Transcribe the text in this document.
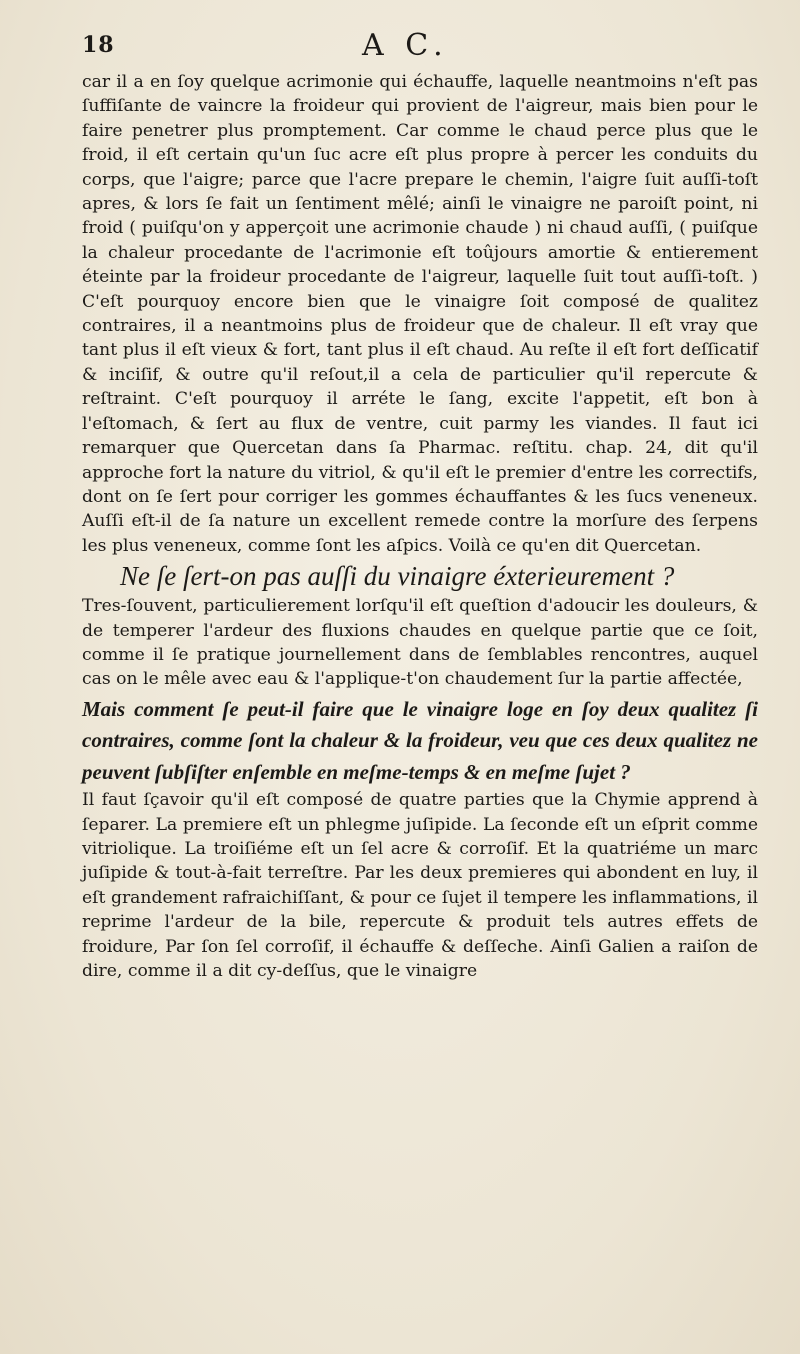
18	A C.

car il a en ſoy quelque acrimonie qui échauffe, laquelle neantmoins n'eſt pas ſuffiſante de vaincre la froideur qui provient de l'aigreur, mais bien pour le faire penetrer plus promptement. Car comme le chaud perce plus que le froid, il eſt certain qu'un ſuc acre eſt plus propre à percer les conduits du corps, que l'aigre; parce que l'acre prepare le chemin, l'aigre ſuit auſſi-toſt apres, & lors ſe fait un ſentiment mêlé; ainſi le vinaigre ne paroiſt point, ni froid ( puiſqu'on y apperçoit une acrimonie chaude ) ni chaud auſſi, ( puiſque la chaleur procedante de l'acrimonie eſt toûjours amortie & entierement éteinte par la froideur procedante de l'aigreur, laquelle ſuit tout auſſi-toſt. ) C'eſt pourquoy encore bien que le vinaigre ſoit composé de qualitez contraires, il a neantmoins plus de froideur que de chaleur. Il eſt vray que tant plus il eſt vieux & fort, tant plus il eſt chaud. Au reſte il eſt fort deſſicatif & inciſif, & outre qu'il reſout,il a cela de particulier qu'il repercute & reſtraint. C'eſt pourquoy il arréte le ſang, excite l'appetit, eſt bon à l'eſtomach, & ſert au flux de ventre, cuit parmy les viandes. Il faut ici remarquer que Quercetan dans ſa Pharmac. reſtitu. chap. 24, dit qu'il approche fort la nature du vitriol, & qu'il eſt le premier d'entre les correctifs, dont on ſe ſert pour corriger les gommes échauffantes & les ſucs veneneux. Auſſi eſt-il de ſa nature un excellent remede contre la morſure des ſerpens les plus veneneux, comme ſont les aſpics. Voilà ce qu'en dit Quercetan.

Ne ſe ſert-on pas auſſi du vinaigre éxterieurement ?

Tres-ſouvent, particulierement lorſqu'il eſt queſtion d'adoucir les douleurs, & de temperer l'ardeur des fluxions chaudes en quelque partie que ce ſoit, comme il ſe pratique journellement dans de ſemblables rencontres, auquel cas on le mêle avec eau & l'applique-t'on chaudement ſur la partie affectée,

Mais comment ſe peut-il faire que le vinaigre loge en ſoy deux qualitez ſi contraires, comme ſont la chaleur & la froideur, veu que ces deux qualitez ne peuvent ſubſiſter enſemble en meſme-temps & en meſme ſujet ?

Il faut ſçavoir qu'il eſt composé de quatre parties que la Chymie apprend à ſeparer. La premiere eſt un phlegme juſipide. La ſeconde eſt un eſprit comme vitriolique. La troiſiéme eſt un ſel acre & corroſif. Et la quatriéme un marc juſipide & tout-à-fait terreſtre. Par les deux premieres qui abondent en luy, il eſt grandement rafraichiſſant, & pour ce ſujet il tempere les inflammations, il reprime l'ardeur de la bile, repercute & produit tels autres effets de froidure, Par ſon ſel corroſif, il échauffe & deſſeche. Ainſi Galien a raiſon de dire, comme il a dit cy-deſſus, que le vinaigre
